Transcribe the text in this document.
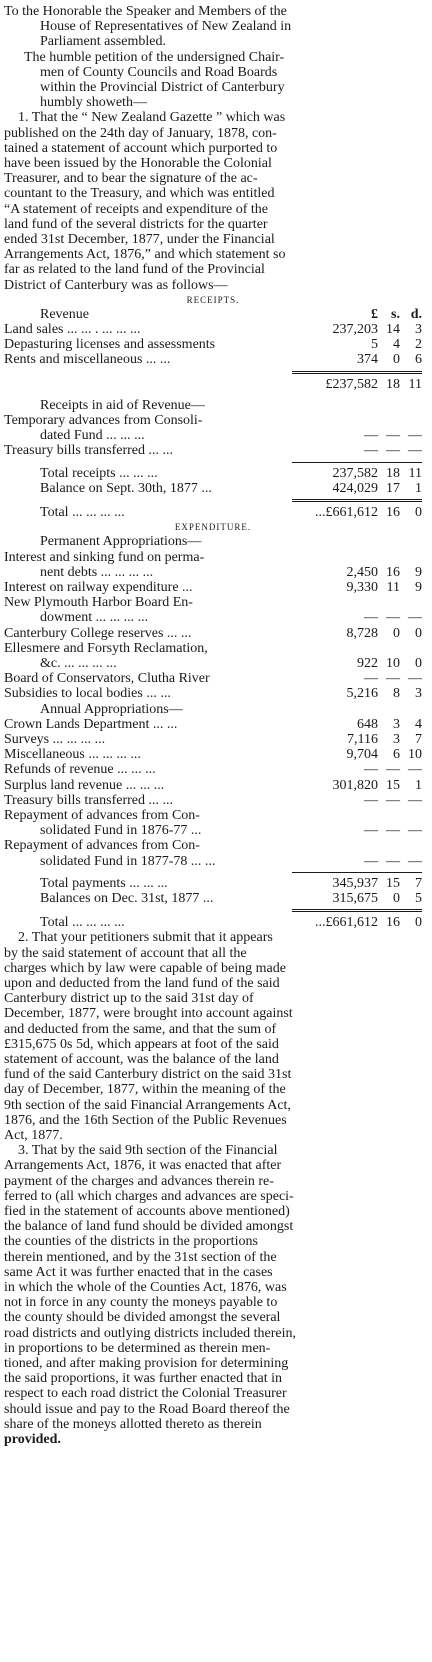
To the Honorable the Speaker and Members of the
House of Representatives of New Zealand in
Parliament assembled.

The humble petition of the undersigned Chair-
men of County Councils and Road Boards
within the Provincial District of Canterbury
humbly showeth—

1. That the “ New Zealand Gazette ” which was
published on the 24th day of January, 1878, con-
tained a statement of account which purported to
have been issued by the Honorable the Colonial
Treasurer, and to bear the signature of the ac-
countant to the Treasury, and which was entitled
“A statement of receipts and expenditure of the
land fund of the several districts for the quarter
ended 31st December, 1877, under the Financial
Arrangements Act, 1876,” and which statement so
far as related to the land fund of the Provincial
District of Canterbury was as follows—

RECEIPTS.
Revenue	£ s. d.
Land sales ... ... . ... ... ...	237,203 14	3
Depasturing licenses and assessments	5	4	2
Rents and miscellaneous ... ...	374	0	6
£237,582 18 11
Receipts in aid of Revenue—
Temporary advances from Consoli-
dated Fund ... ... ...	— — —
Treasury bills transferred ... ...	— — —
Total receipts ... ... ...	237,582 18 11
Balance on Sept. 30th, 1877 ...	424,029 17	1
Total ... ... ... ...	...£661,612 16	0
EXPENDITURE.
Permanent Appropriations—
Interest and sinking fund on perma-
nent debts ... ... ... ...	2,450 16	9
Interest on railway expenditure ...	9,330 11	9
New Plymouth Harbor Board En-
dowment ... ... ... ...	— — —
Canterbury College reserves ... ...	8,728	0	0
Ellesmere and Forsyth Reclamation,
&c. ... ... ... ...	922 10	0
Board of Conservators, Clutha River	— — —
Subsidies to local bodies ... ...	5,216	8	3
Annual Appropriations—
Crown Lands Department ... ...	648	3	4
Surveys ... ... ... ...	7,116	3	7
Miscellaneous ... ... ... ...	9,704	6 10
Refunds of revenue ... ... ...	— — —
Surplus land revenue ... ... ...	301,820 15	1
Treasury bills transferred ... ...	— — —
Repayment of advances from Con-
solidated Fund in 1876-77 ...	— — —
Repayment of advances from Con-
solidated Fund in 1877-78 ... ...	— — —
Total payments ... ... ...	345,937 15	7
Balances on Dec. 31st, 1877 ...	315,675	0	5
Total ... ... ... ...	...£661,612 16	0

2. That your petitioners submit that it appears
by the said statement of account that all the
charges which by law were capable of being made
upon and deducted from the land fund of the said
Canterbury district up to the said 31st day of
December, 1877, were brought into account against
and deducted from the same, and that the sum of
£315,675 0s 5d, which appears at foot of the said
statement of account, was the balance of the land
fund of the said Canterbury district on the said 31st
day of December, 1877, within the meaning of the
9th section of the said Financial Arrangements Act,
1876, and the 16th Section of the Public Revenues
Act, 1877.

3. That by the said 9th section of the Financial
Arrangements Act, 1876, it was enacted that after
payment of the charges and advances therein re-
ferred to (all which charges and advances are speci-
fied in the statement of accounts above mentioned)
the balance of land fund should be divided amongst
the counties of the districts in the proportions
therein mentioned, and by the 31st section of the
same Act it was further enacted that in the cases
in which the whole of the Counties Act, 1876, was
not in force in any county the moneys payable to
the county should be divided amongst the several
road districts and outlying districts included therein,
in proportions to be determined as therein men-
tioned, and after making provision for determining
the said proportions, it was further enacted that in
respect to each road district the Colonial Treasurer
should issue and pay to the Road Board thereof the
share of the moneys allotted thereto as therein
provided.
